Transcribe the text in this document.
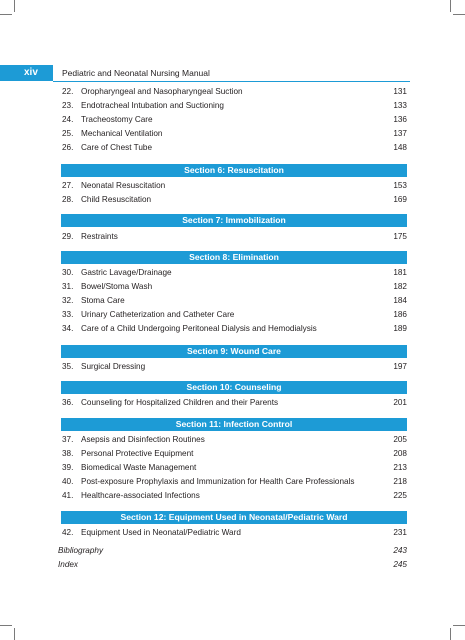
xiv	Pediatric and Neonatal Nursing Manual
22. Oropharyngeal and Nasopharyngeal Suction	131
23. Endotracheal Intubation and Suctioning	133
24. Tracheostomy Care	136
25. Mechanical Ventilation	137
26. Care of Chest Tube	148
Section 6: Resuscitation
27. Neonatal Resuscitation	153
28. Child Resuscitation	169
Section 7: Immobilization
29. Restraints	175
Section 8: Elimination
30. Gastric Lavage/Drainage	181
31. Bowel/Stoma Wash	182
32. Stoma Care	184
33. Urinary Catheterization and Catheter Care	186
34. Care of a Child Undergoing Peritoneal Dialysis and Hemodialysis	189
Section 9: Wound Care
35. Surgical Dressing	197
Section 10: Counseling
36. Counseling for Hospitalized Children and their Parents	201
Section 11: Infection Control
37. Asepsis and Disinfection Routines	205
38. Personal Protective Equipment	208
39. Biomedical Waste Management	213
40. Post-exposure Prophylaxis and Immunization for Health Care Professionals	218
41. Healthcare-associated Infections	225
Section 12: Equipment Used in Neonatal/Pediatric Ward
42. Equipment Used in Neonatal/Pediatric Ward	231
Bibliography	243
Index	245
